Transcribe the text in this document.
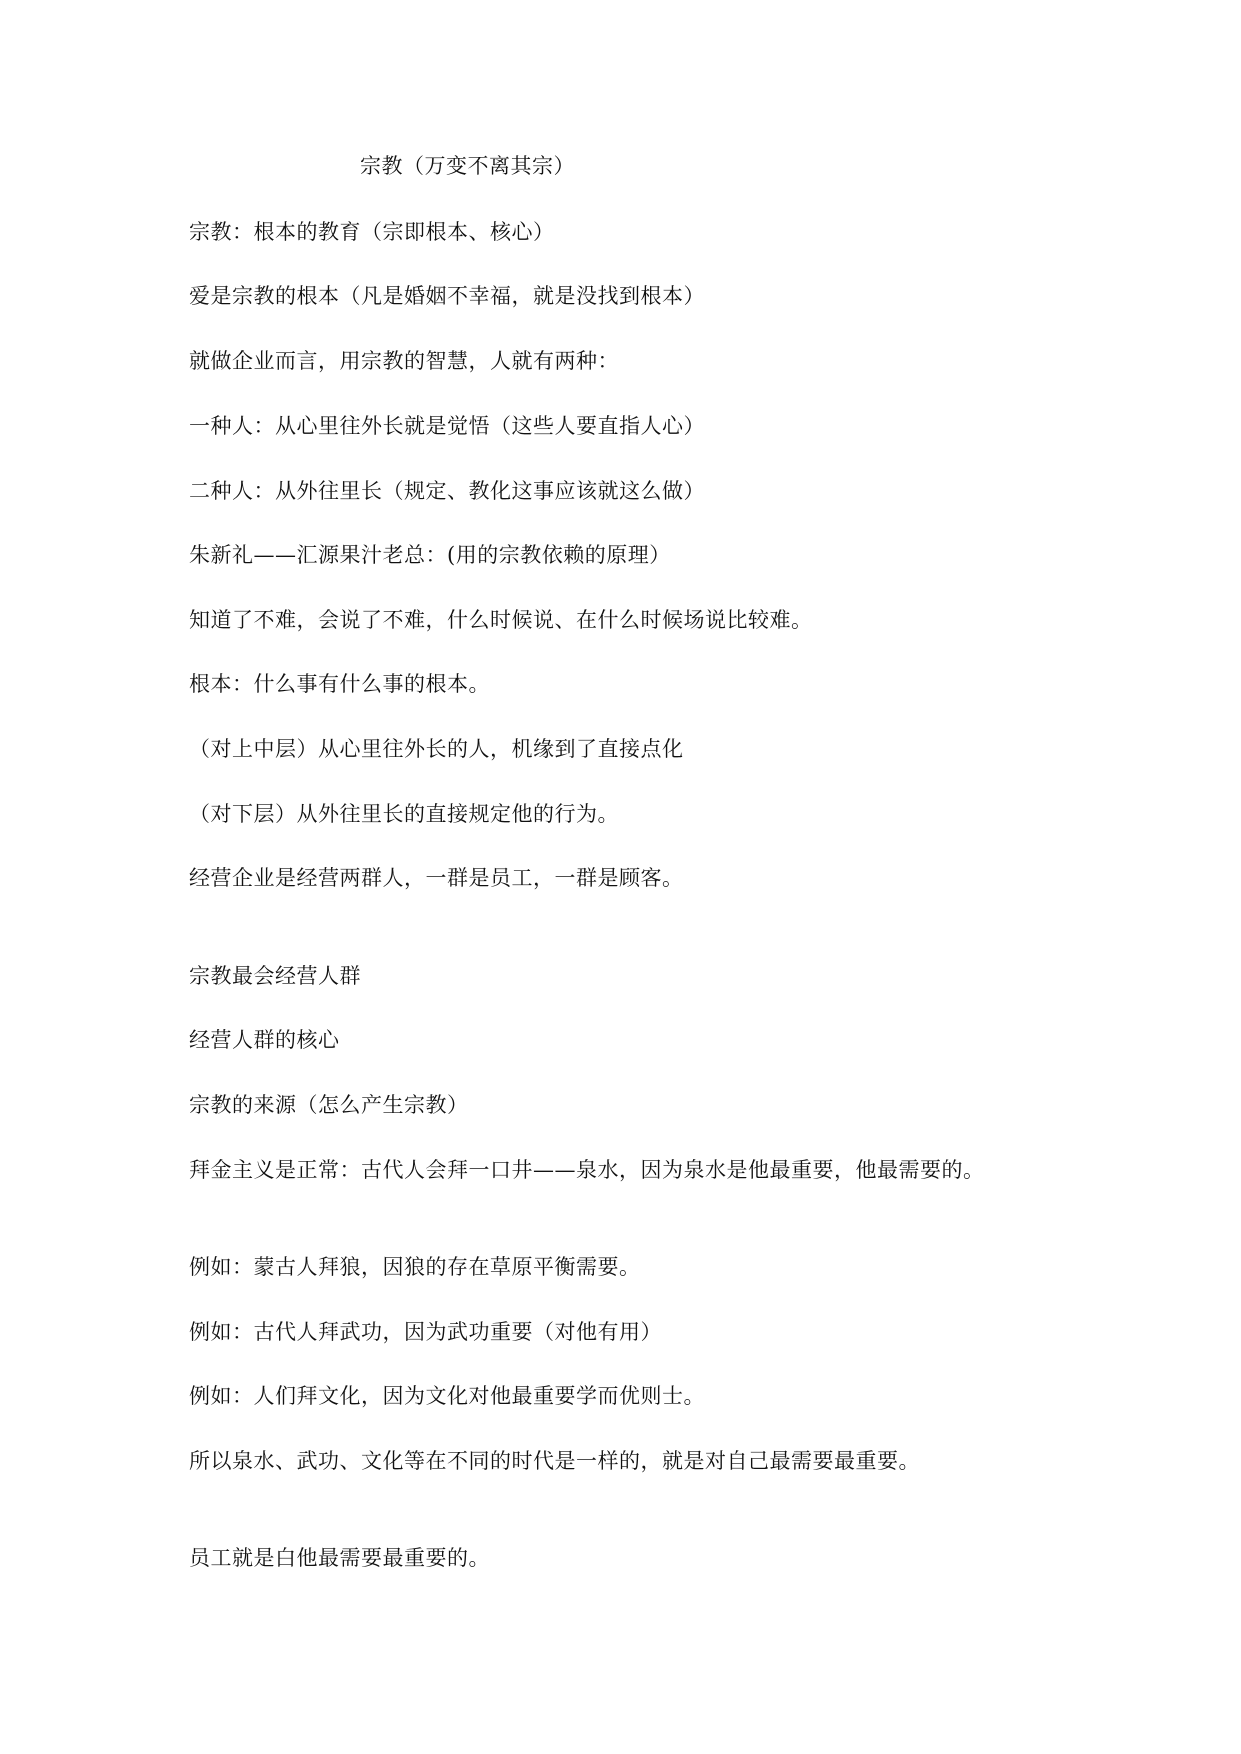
宗教（万变不离其宗）
宗教：根本的教育（宗即根本、核心）
爱是宗教的根本（凡是婚姻不幸福，就是没找到根本）
就做企业而言，用宗教的智慧，人就有两种：
一种人：从心里往外长就是觉悟（这些人要直指人心）
二种人：从外往里长（规定、教化这事应该就这么做）
朱新礼——汇源果汁老总：(用的宗教依赖的原理）
知道了不难，会说了不难，什么时候说、在什么时候场说比较难。
根本：什么事有什么事的根本。
（对上中层）从心里往外长的人，机缘到了直接点化
（对下层）从外往里长的直接规定他的行为。
经营企业是经营两群人，一群是员工，一群是顾客。
宗教最会经营人群
经营人群的核心
宗教的来源（怎么产生宗教）
拜金主义是正常：古代人会拜一口井——泉水，因为泉水是他最重要，他最需要的。
例如：蒙古人拜狼，因狼的存在草原平衡需要。
例如：古代人拜武功，因为武功重要（对他有用）
例如：人们拜文化，因为文化对他最重要学而优则士。
所以泉水、武功、文化等在不同的时代是一样的，就是对自己最需要最重要。
员工就是白他最需要最重要的。
